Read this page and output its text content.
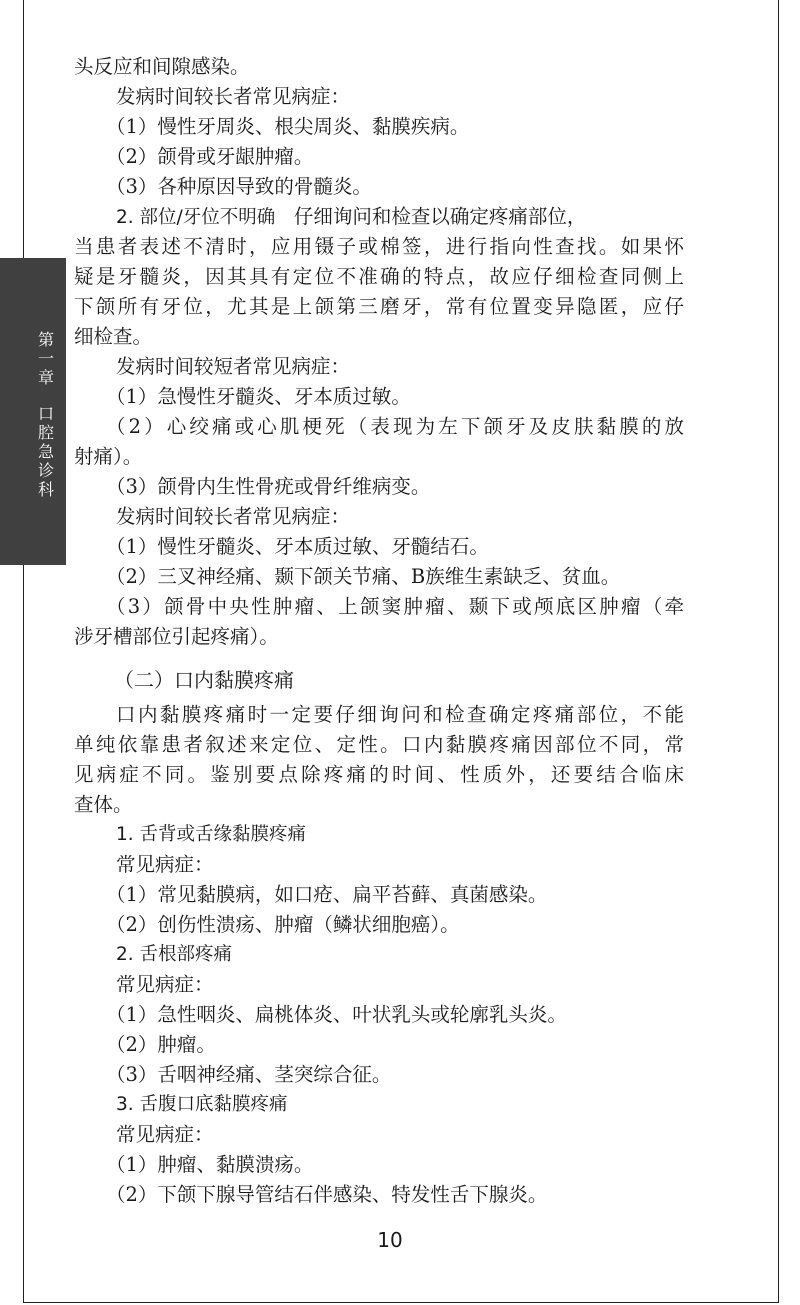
第
一
章
口
腔
急
诊
科
头反应和间隙感染。
发病时间较长者常见病症：
（1）慢性牙周炎、根尖周炎、黏膜疾病。
（2）颌骨或牙龈肿瘤。
（3）各种原因导致的骨髓炎。
2. 部位/牙位不明确 仔细询问和检查以确定疼痛部位，
当患者表述不清时，应用镊子或棉签，进行指向性查找。如果怀
疑是牙髓炎，因其具有定位不准确的特点，故应仔细检查同侧上
下颌所有牙位，尤其是上颌第三磨牙，常有位置变异隐匿，应仔
细检查。
发病时间较短者常见病症：
（1）急慢性牙髓炎、牙本质过敏。
（2）心绞痛或心肌梗死（表现为左下颌牙及皮肤黏膜的放
射痛）。
（3）颌骨内生性骨疣或骨纤维病变。
发病时间较长者常见病症：
（1）慢性牙髓炎、牙本质过敏、牙髓结石。
（2）三叉神经痛、颞下颌关节痛、B族维生素缺乏、贫血。
（3）颌骨中央性肿瘤、上颌窦肿瘤、颞下或颅底区肿瘤（牵
涉牙槽部位引起疼痛）。
（二）口内黏膜疼痛
口内黏膜疼痛时一定要仔细询问和检查确定疼痛部位，不能
单纯依靠患者叙述来定位、定性。口内黏膜疼痛因部位不同，常
见病症不同。鉴别要点除疼痛的时间、性质外，还要结合临床
查体。
1. 舌背或舌缘黏膜疼痛
常见病症：
（1）常见黏膜病，如口疮、扁平苔藓、真菌感染。
（2）创伤性溃疡、肿瘤（鳞状细胞癌）。
2. 舌根部疼痛
常见病症：
（1）急性咽炎、扁桃体炎、叶状乳头或轮廓乳头炎。
（2）肿瘤。
（3）舌咽神经痛、茎突综合征。
3. 舌腹口底黏膜疼痛
常见病症：
（1）肿瘤、黏膜溃疡。
（2）下颌下腺导管结石伴感染、特发性舌下腺炎。
10
